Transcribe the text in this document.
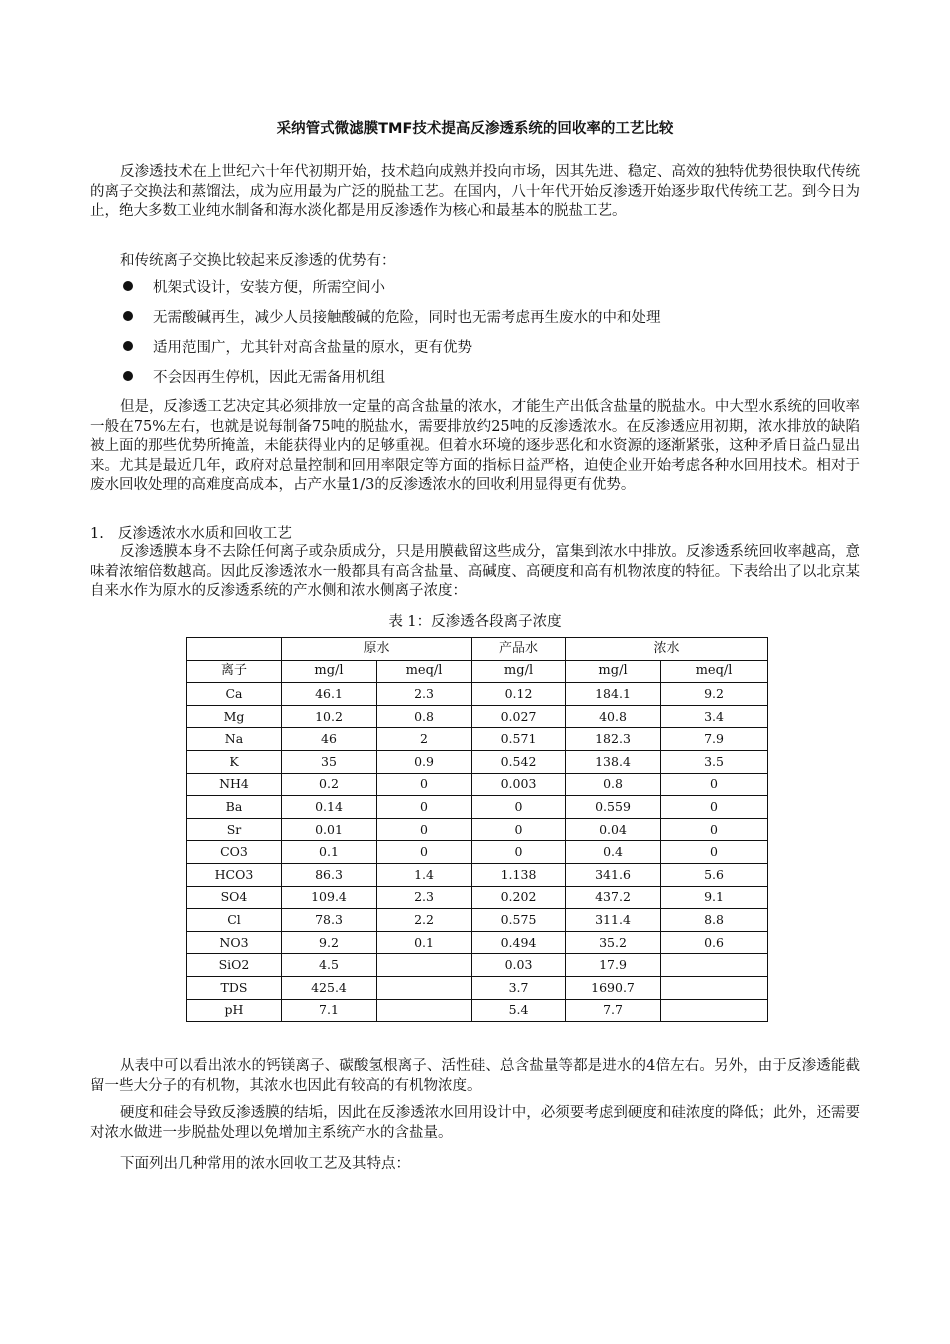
采纳管式微滤膜TMF技术提高反渗透系统的回收率的工艺比较

反渗透技术在上世纪六十年代初期开始，技术趋向成熟并投向市场，因其先进、稳定、高效的独特优势很快取代传统的离子交换法和蒸馏法，成为应用最为广泛的脱盐工艺。在国内，八十年代开始反渗透开始逐步取代传统工艺。到今日为止，绝大多数工业纯水制备和海水淡化都是用反渗透作为核心和最基本的脱盐工艺。

和传统离子交换比较起来反渗透的优势有：

机架式设计，安装方便，所需空间小
无需酸碱再生，减少人员接触酸碱的危险，同时也无需考虑再生废水的中和处理
适用范围广，尤其针对高含盐量的原水，更有优势
不会因再生停机，因此无需备用机组

但是，反渗透工艺决定其必须排放一定量的高含盐量的浓水，才能生产出低含盐量的脱盐水。中大型水系统的回收率一般在75%左右，也就是说每制备75吨的脱盐水，需要排放约25吨的反渗透浓水。在反渗透应用初期，浓水排放的缺陷被上面的那些优势所掩盖，未能获得业内的足够重视。但着水环境的逐步恶化和水资源的逐渐紧张，这种矛盾日益凸显出来。尤其是最近几年，政府对总量控制和回用率限定等方面的指标日益严格，迫使企业开始考虑各种水回用技术。相对于废水回收处理的高难度高成本，占产水量1/3的反渗透浓水的回收利用显得更有优势。

1. 反渗透浓水水质和回收工艺

反渗透膜本身不去除任何离子或杂质成分，只是用膜截留这些成分，富集到浓水中排放。反渗透系统回收率越高，意味着浓缩倍数越高。因此反渗透浓水一般都具有高含盐量、高碱度、高硬度和高有机物浓度的特征。下表给出了以北京某自来水作为原水的反渗透系统的产水侧和浓水侧离子浓度：

表 1：反渗透各段离子浓度
	原水		产品水	浓水	
离子	mg/l	meq/l	mg/l	mg/l	meq/l
Ca	46.1	2.3	0.12	184.1	9.2
Mg	10.2	0.8	0.027	40.8	3.4
Na	46	2	0.571	182.3	7.9
K	35	0.9	0.542	138.4	3.5
NH4	0.2	0	0.003	0.8	0
Ba	0.14	0	0	0.559	0
Sr	0.01	0	0	0.04	0
CO3	0.1	0	0	0.4	0
HCO3	86.3	1.4	1.138	341.6	5.6
SO4	109.4	2.3	0.202	437.2	9.1
Cl	78.3	2.2	0.575	311.4	8.8
NO3	9.2	0.1	0.494	35.2	0.6
SiO2	4.5		0.03	17.9	
TDS	425.4		3.7	1690.7	
pH	7.1		5.4	7.7	

从表中可以看出浓水的钙镁离子、碳酸氢根离子、活性硅、总含盐量等都是进水的4倍左右。另外，由于反渗透能截留一些大分子的有机物，其浓水也因此有较高的有机物浓度。

硬度和硅会导致反渗透膜的结垢，因此在反渗透浓水回用设计中，必须要考虑到硬度和硅浓度的降低；此外，还需要对浓水做进一步脱盐处理以免增加主系统产水的含盐量。

下面列出几种常用的浓水回收工艺及其特点：
